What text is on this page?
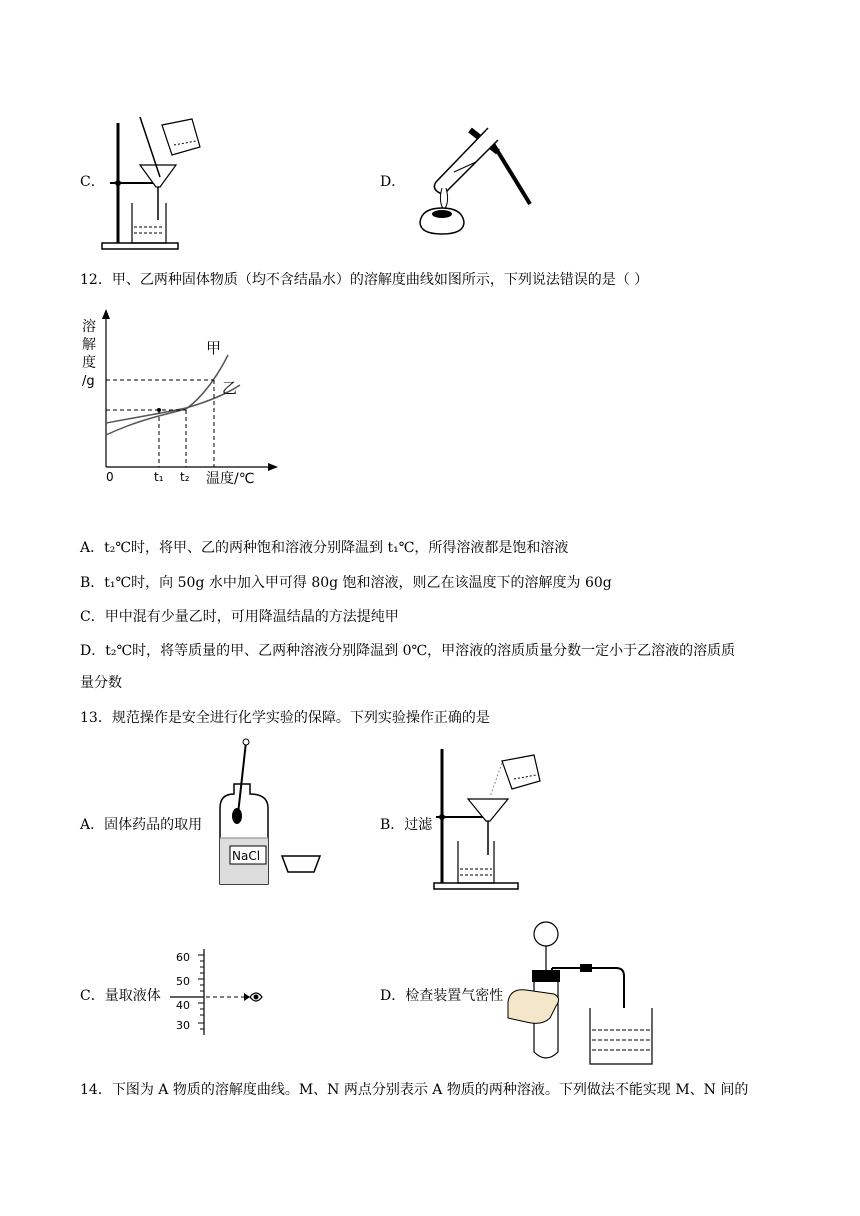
C．	D．
12．甲、乙两种固体物质（均不含结晶水）的溶解度曲线如图所示，下列说法错误的是（ ）
溶
解
度
/g
0	t₁ t₂ 温度/℃
甲
乙
A．t₂℃时，将甲、乙的两种饱和溶液分别降温到 t₁℃，所得溶液都是饱和溶液
B．t₁℃时，向 50g 水中加入甲可得 80g 饱和溶液，则乙在该温度下的溶解度为 60g
C．甲中混有少量乙时，可用降温结晶的方法提纯甲
D．t₂℃时，将等质量的甲、乙两种溶液分别降温到 0℃，甲溶液的溶质质量分数一定小于乙溶液的溶质质
量分数
13．规范操作是安全进行化学实验的保障。下列实验操作正确的是
A．固体药品的取用
NaCl
B．过滤
C．量取液体
60
50
40
30
D．检查装置气密性
14．下图为 A 物质的溶解度曲线。M、N 两点分别表示 A 物质的两种溶液。下列做法不能实现 M、N 间的
